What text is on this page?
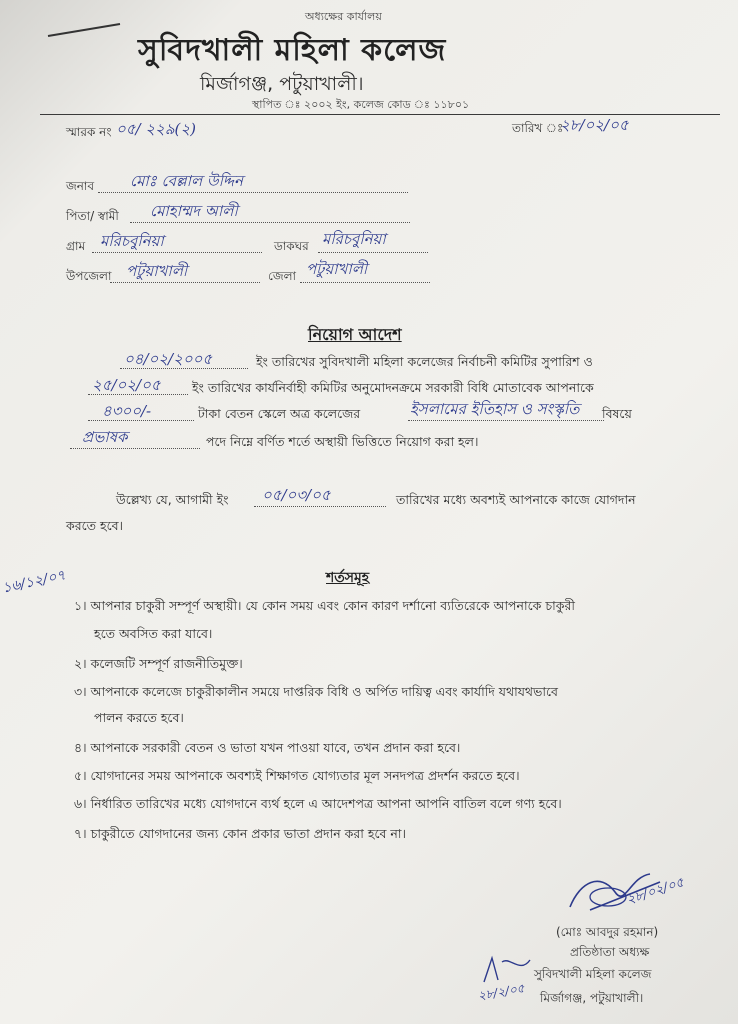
অধ্যক্ষের কার্যালয়
সুবিদখালী মহিলা কলেজ
মির্জাগঞ্জ, পটুয়াখালী।
স্থাপিত ঃ ২০০২ ইং, কলেজ কোড ঃ ১১৮০১
স্মারক নং ০৫/ ২২৯(২)	তারিখ ঃ
২৮/০২/০৫
জনাব মোঃ বেল্লাল উদ্দিন
পিতা/ স্বামী মোহাম্মদ আলী
গ্রাম মরিচবুনিয়া	ডাকঘর মরিচবুনিয়া
উপজেলা পটুয়াখালী	জেলা পটুয়াখালী
নিয়োগ আদেশ
০৪/০২/২০০৫	ইং তারিখের সুবিদখালী মহিলা কলেজের নির্বাচনী কমিটির সুপারিশ ও
২৫/০২/০৫	ইং তারিখের কার্যনির্বাহী কমিটির অনুমোদনক্রমে সরকারী বিধি মোতাবেক আপনাকে
৪৩০০/-	টাকা বেতন স্কেলে অত্র কলেজের	ইসলামের ইতিহাস ও সংস্কৃতি বিষয়ে
প্রভাষক	পদে নিম্নে বর্ণিত শর্তে অস্থায়ী ভিত্তিতে নিয়োগ করা হল।
উল্লেখ্য যে, আগামী ইং ০৫/০৩/০৫	তারিখের মধ্যে অবশ্যই আপনাকে কাজে যোগদান
করতে হবে।
১৬/১২/০৭	শর্তসমূহ
১। আপনার চাকুরী সম্পূর্ণ অস্থায়ী। যে কোন সময় এবং কোন কারণ দর্শানো ব্যতিরেকে আপনাকে চাকুরী
হতে অবসিত করা যাবে।
২। কলেজটি সম্পূর্ণ রাজনীতিমুক্ত।
৩। আপনাকে কলেজে চাকুরীকালীন সময়ে দাপ্তরিক বিধি ও অর্পিত দায়িত্ব এবং কার্যাদি যথাযথভাবে
পালন করতে হবে।
৪। আপনাকে সরকারী বেতন ও ভাতা যখন পাওয়া যাবে, তখন প্রদান করা হবে।
৫। যোগদানের সময় আপনাকে অবশ্যই শিক্ষাগত যোগ্যতার মূল সনদপত্র প্রদর্শন করতে হবে।
৬। নির্ধারিত তারিখের মধ্যে যোগদানে ব্যর্থ হলে এ আদেশপত্র আপনা আপনি বাতিল বলে গণ্য হবে।
৭। চাকুরীতে যোগদানের জন্য কোন প্রকার ভাতা প্রদান করা হবে না।
২৮/০২/০৫
(মোঃ আবদুর রহমান)
প্রতিষ্ঠাতা অধ্যক্ষ
সুবিদখালী মহিলা কলেজ
মির্জাগঞ্জ, পটুয়াখালী।
২৮/২/০৫
